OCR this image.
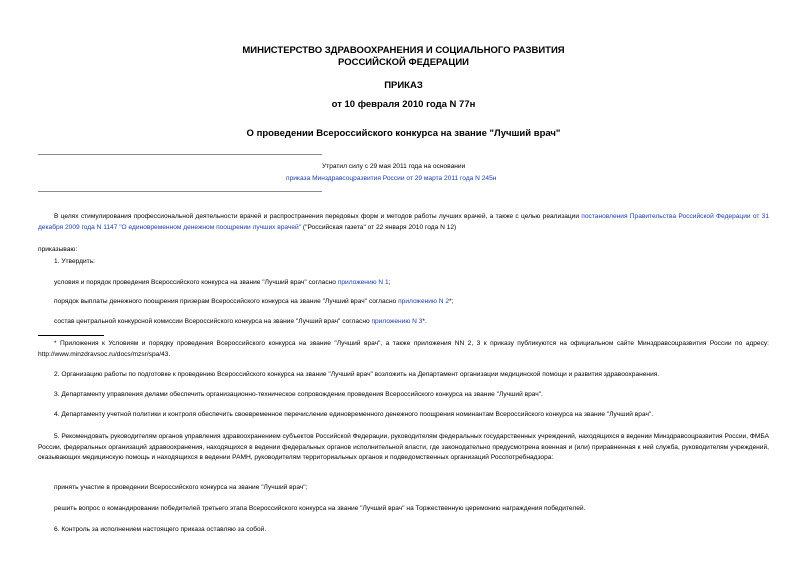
МИНИСТЕРСТВО ЗДРАВООХРАНЕНИЯ И СОЦИАЛЬНОГО РАЗВИТИЯ
РОССИЙСКОЙ ФЕДЕРАЦИИ
ПРИКАЗ
от 10 февраля 2010 года N 77н
О проведении Всероссийского конкурса на звание "Лучший врач"
Утратил силу с 29 мая 2011 года на основании
приказа Минздравсоцразвития России от 29 марта 2011 года N 245н
В целях стимулирования профессиональной деятельности врачей и распространения передовых форм и методов работы лучших врачей, а также с целью реализации постановления Правительства Российской Федерации от 31 декабря 2009 года N 1147 "О единовременном денежном поощрении лучших врачей" ("Российская газета" от 22 января 2010 года N 12)
приказываю:
1. Утвердить:
условия и порядок проведения Всероссийского конкурса на звание "Лучший врач" согласно приложению N 1;
порядок выплаты денежного поощрения призерам Всероссийского конкурса на звание "Лучший врач" согласно приложению N 2*;
состав центральной конкурсной комиссии Всероссийского конкурса на звание "Лучший врач" согласно приложению N 3*.
* Приложения к Условиям и порядку проведения Всероссийского конкурса на звание "Лучший врач", а также приложения NN 2, 3 к приказу публикуются на официальном сайте Минздравсоцразвития России по адресу: http://www.minzdravsoc.ru/docs/mzsr/spa/43.
2. Организацию работы по подготовке к проведению Всероссийского конкурса на звание "Лучший врач" возложить на Департамент организации медицинской помощи и развития здравоохранения.
3. Департаменту управления делами обеспечить организационно-техническое сопровождение проведения Всероссийского конкурса на звание "Лучший врач".
4. Департаменту учетной политики и контроля обеспечить своевременное перечисление единовременного денежного поощрения номинантам Всероссийского конкурса на звание "Лучший врач".
5. Рекомендовать руководителям органов управления здравоохранением субъектов Российской Федерации, руководителям федеральных государственных учреждений, находящихся в ведении Минздравсоцразвития России, ФМБА России, федеральных организаций здравоохранения, находящихся в ведении федеральных органов исполнительной власти, где законодательно предусмотрена военная и (или) приравненная к ней служба, руководителям учреждений, оказывающих медицинскую помощь и находящихся в ведении РАМН, руководителям территориальных органов и подведомственных организаций Росспотребнадзора:
принять участие в проведении Всероссийского конкурса на звание "Лучший врач";
решить вопрос о командировании победителей третьего этапа Всероссийского конкурса на звание "Лучший врач" на Торжественную церемонию награждения победителей.
6. Контроль за исполнением настоящего приказа оставляю за собой.
